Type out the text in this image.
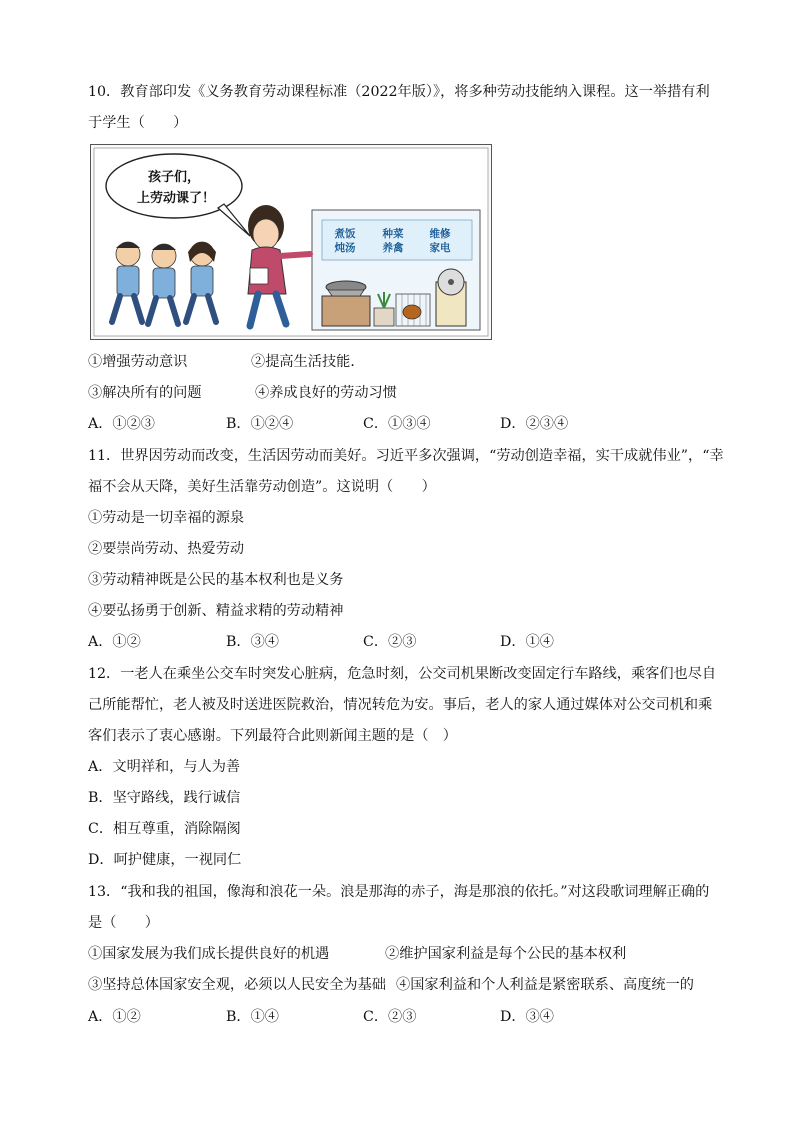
10．教育部印发《义务教育劳动课程标准（2022年版）》，将多种劳动技能纳入课程。这一举措有利
于学生（　　）
孩子们，
上劳动课了！
煮饭
炖汤
种菜
养禽
维修
家电
①增强劳动意识	②提高生活技能．
③解决所有的问题	④养成良好的劳动习惯
A．①②③	B．①②④	C．①③④	D．②③④
11．世界因劳动而改变，生活因劳动而美好。习近平多次强调，“劳动创造幸福，实干成就伟业”，“幸
福不会从天降，美好生活靠劳动创造”。这说明（　　）
①劳动是一切幸福的源泉
②要崇尚劳动、热爱劳动
③劳动精神既是公民的基本权利也是义务
④要弘扬勇于创新、精益求精的劳动精神
A．①②	B．③④	C．②③	D．①④
12．一老人在乘坐公交车时突发心脏病，危急时刻，公交司机果断改变固定行车路线，乘客们也尽自
己所能帮忙，老人被及时送进医院救治，情况转危为安。事后，老人的家人通过媒体对公交司机和乘
客们表示了衷心感谢。下列最符合此则新闻主题的是（　）
A．文明祥和，与人为善
B．坚守路线，践行诚信
C．相互尊重，消除隔阂
D．呵护健康，一视同仁
13．“我和我的祖国，像海和浪花一朵。浪是那海的赤子，海是那浪的依托。”对这段歌词理解正确的
是（　　）
①国家发展为我们成长提供良好的机遇	②维护国家利益是每个公民的基本权利
③坚持总体国家安全观，必须以人民安全为基础 ④国家利益和个人利益是紧密联系、高度统一的
A．①②	B．①④	C．②③	D．③④
